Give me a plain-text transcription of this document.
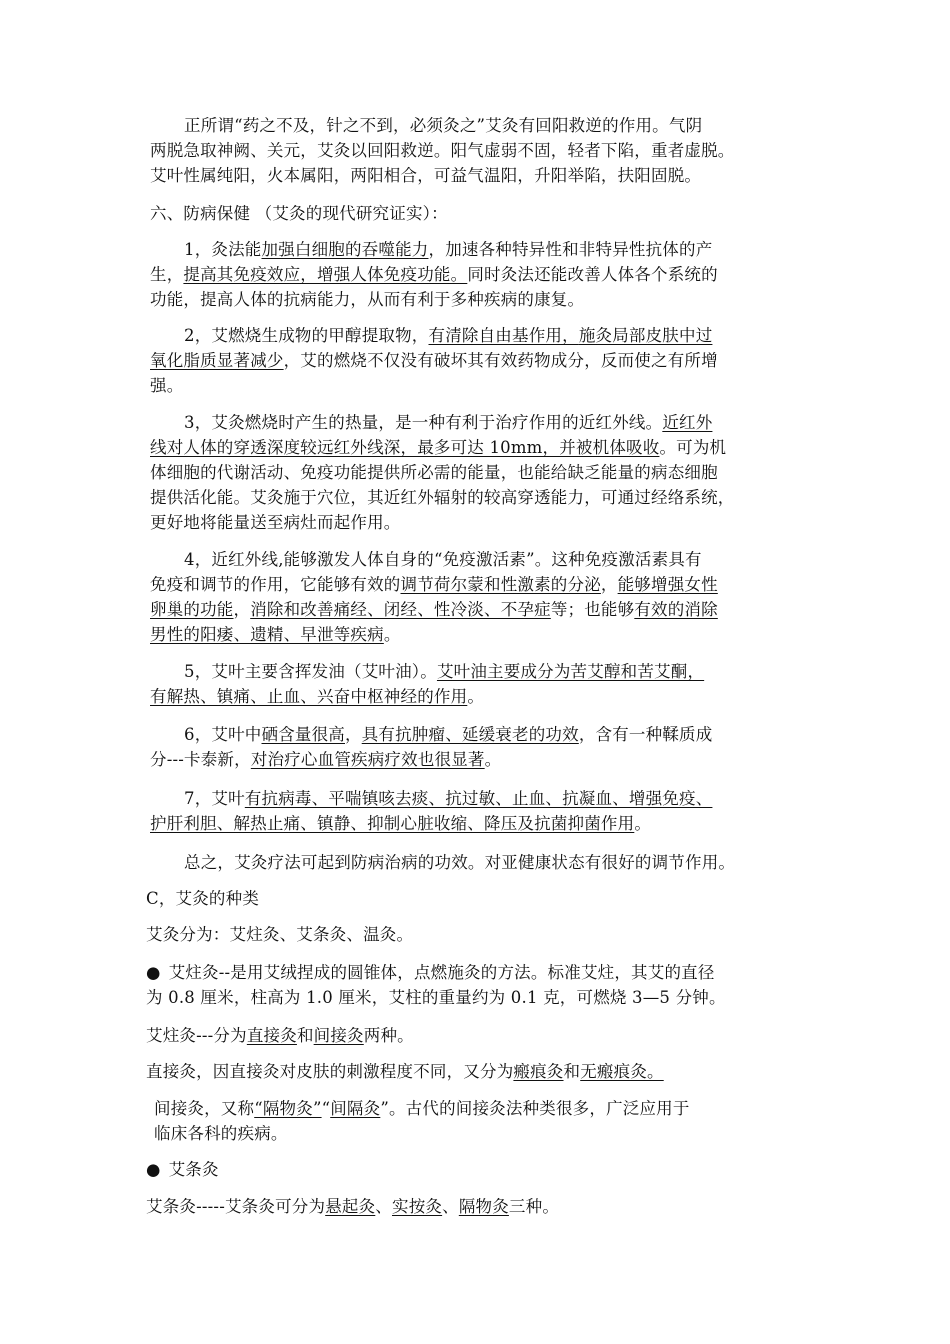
正所谓“药之不及，针之不到，必须灸之”艾灸有回阳救逆的作用。气阴
两脱急取神阙、关元，艾灸以回阳救逆。阳气虚弱不固，轻者下陷，重者虚脱。
艾叶性属纯阳，火本属阳，两阳相合，可益气温阳，升阳举陷，扶阳固脱。
六、防病保健 （艾灸的现代研究证实）：
1，灸法能加强白细胞的吞噬能力，加速各种特异性和非特异性抗体的产
生，提高其免疫效应，增强人体免疫功能。同时灸法还能改善人体各个系统的
功能，提高人体的抗病能力，从而有利于多种疾病的康复。
2，艾燃烧生成物的甲醇提取物，有清除自由基作用，施灸局部皮肤中过
氧化脂质显著减少，艾的燃烧不仅没有破坏其有效药物成分，反而使之有所增
强。
3，艾灸燃烧时产生的热量，是一种有利于治疗作用的近红外线。近红外
线对人体的穿透深度较远红外线深，最多可达 10mm，并被机体吸收。可为机
体细胞的代谢活动、免疫功能提供所必需的能量，也能给缺乏能量的病态细胞
提供活化能。艾灸施于穴位，其近红外辐射的较高穿透能力，可通过经络系统，
更好地将能量送至病灶而起作用。
4，近红外线,能够激发人体自身的“免疫激活素”。这种免疫激活素具有
免疫和调节的作用，它能够有效的调节荷尔蒙和性激素的分泌，能够增强女性
卵巢的功能，消除和改善痛经、闭经、性冷淡、不孕症等；也能够有效的消除
男性的阳痿、遗精、早泄等疾病。
5，艾叶主要含挥发油（艾叶油）。艾叶油主要成分为苦艾醇和苦艾酮，
有解热、镇痛、止血、兴奋中枢神经的作用。
6，艾叶中硒含量很高，具有抗肿瘤、延缓衰老的功效，含有一种鞣质成
分---卡泰新，对治疗心血管疾病疗效也很显著。
7，艾叶有抗病毒、平喘镇咳去痰、抗过敏、止血、抗凝血、增强免疫、
护肝利胆、解热止痛、镇静、抑制心脏收缩、降压及抗菌抑菌作用。
总之，艾灸疗法可起到防病治病的功效。对亚健康状态有很好的调节作用。
C，艾灸的种类
艾灸分为：艾炷灸、艾条灸、温灸。
● 艾炷灸--是用艾绒捏成的圆锥体，点燃施灸的方法。标准艾炷，其艾的直径
为 0.8 厘米，柱高为 1.0 厘米，艾柱的重量约为 0.1 克，可燃烧 3—5 分钟。
艾炷灸---分为直接灸和间接灸两种。
直接灸，因直接灸对皮肤的刺激程度不同，又分为瘢痕灸和无瘢痕灸。
间接灸，又称“隔物灸”“间隔灸”。古代的间接灸法种类很多，广泛应用于
临床各科的疾病。
● 艾条灸
艾条灸-----艾条灸可分为悬起灸、实按灸、隔物灸三种。
